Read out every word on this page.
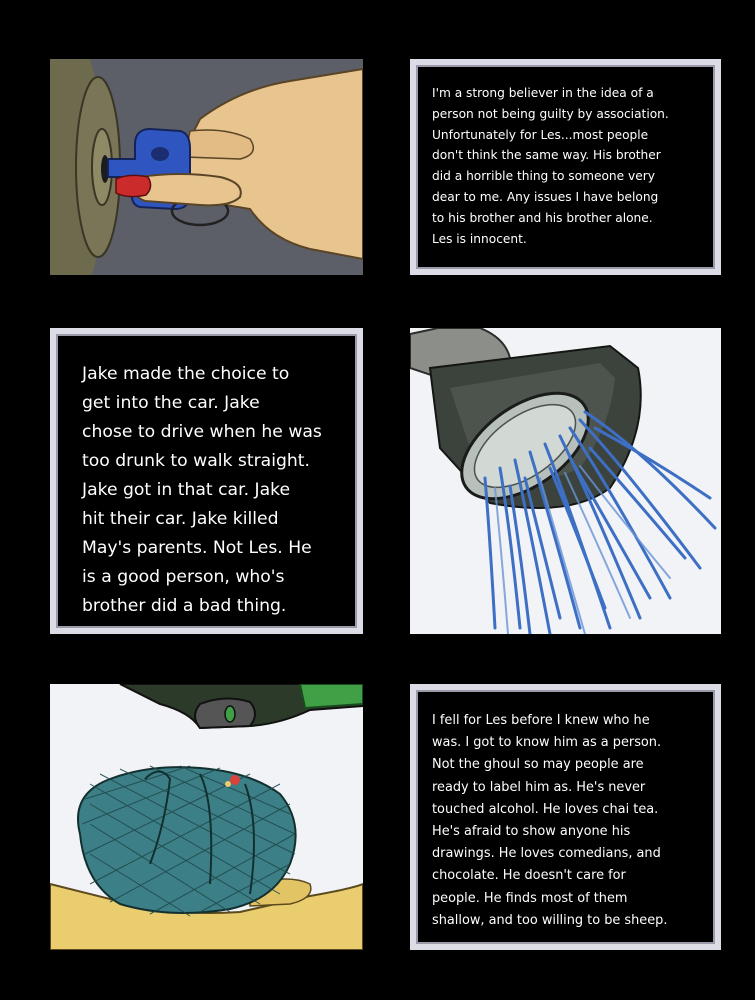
I'm a strong believer in the idea of a
person not being guilty by association.
Unfortunately for Les...most people
don't think the same way. His brother
did a horrible thing to someone very
dear to me. Any issues I have belong
to his brother and his brother alone.
Les is innocent.

Jake made the choice to
get into the car. Jake
chose to drive when he was
too drunk to walk straight.
Jake got in that car. Jake
hit their car. Jake killed
May's parents. Not Les. He
is a good person, who's
brother did a bad thing.

I fell for Les before I knew who he
was. I got to know him as a person.
Not the ghoul so may people are
ready to label him as. He's never
touched alcohol. He loves chai tea.
He's afraid to show anyone his
drawings. He loves comedians, and
chocolate. He doesn't care for
people. He finds most of them
shallow, and too willing to be sheep.
